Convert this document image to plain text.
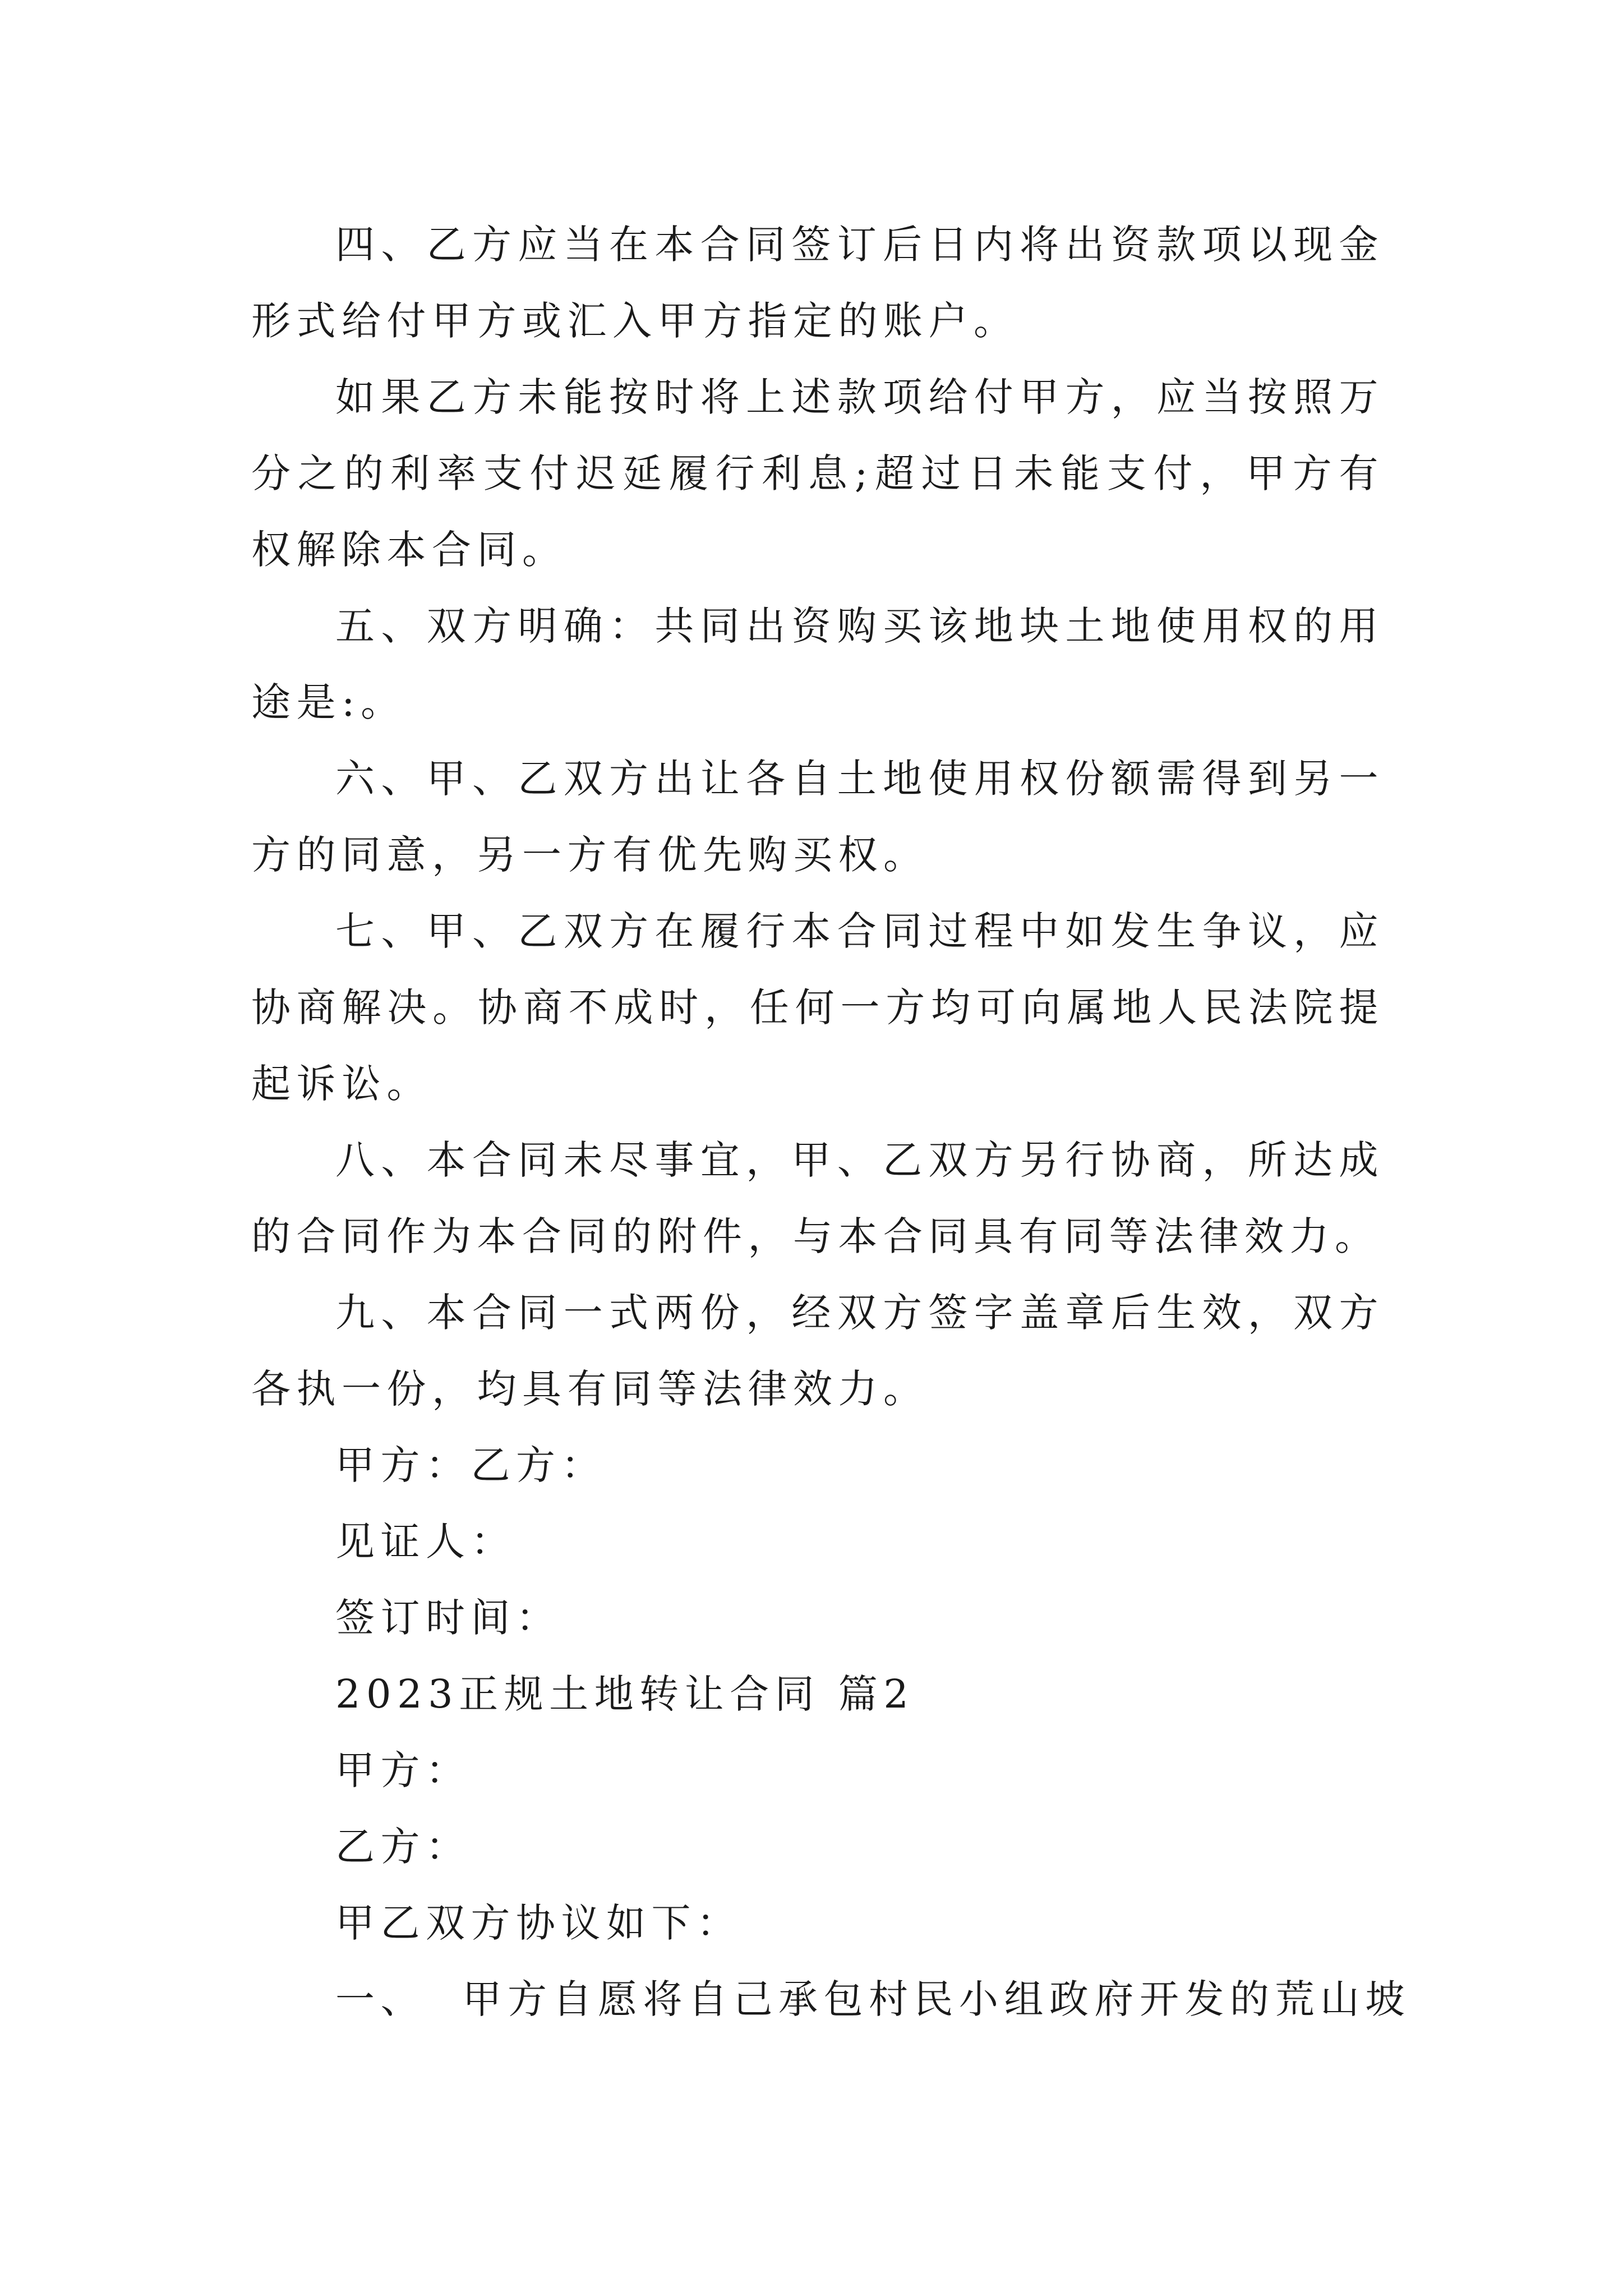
四、乙方应当在本合同签订后日内将出资款项以现金形式给付甲方或汇入甲方指定的账户。

如果乙方未能按时将上述款项给付甲方，应当按照万分之的利率支付迟延履行利息;超过日未能支付，甲方有权解除本合同。

五、双方明确：共同出资购买该地块土地使用权的用途是:。

六、甲、乙双方出让各自土地使用权份额需得到另一方的同意，另一方有优先购买权。

七、甲、乙双方在履行本合同过程中如发生争议，应协商解决。协商不成时，任何一方均可向属地人民法院提起诉讼。

八、本合同未尽事宜，甲、乙双方另行协商，所达成的合同作为本合同的附件，与本合同具有同等法律效力。

九、本合同一式两份，经双方签字盖章后生效，双方各执一份，均具有同等法律效力。

甲方：乙方：

见证人：

签订时间：

2023正规土地转让合同 篇2

甲方：

乙方：

甲乙双方协议如下：

一、  甲方自愿将自己承包村民小组政府开发的荒山坡
